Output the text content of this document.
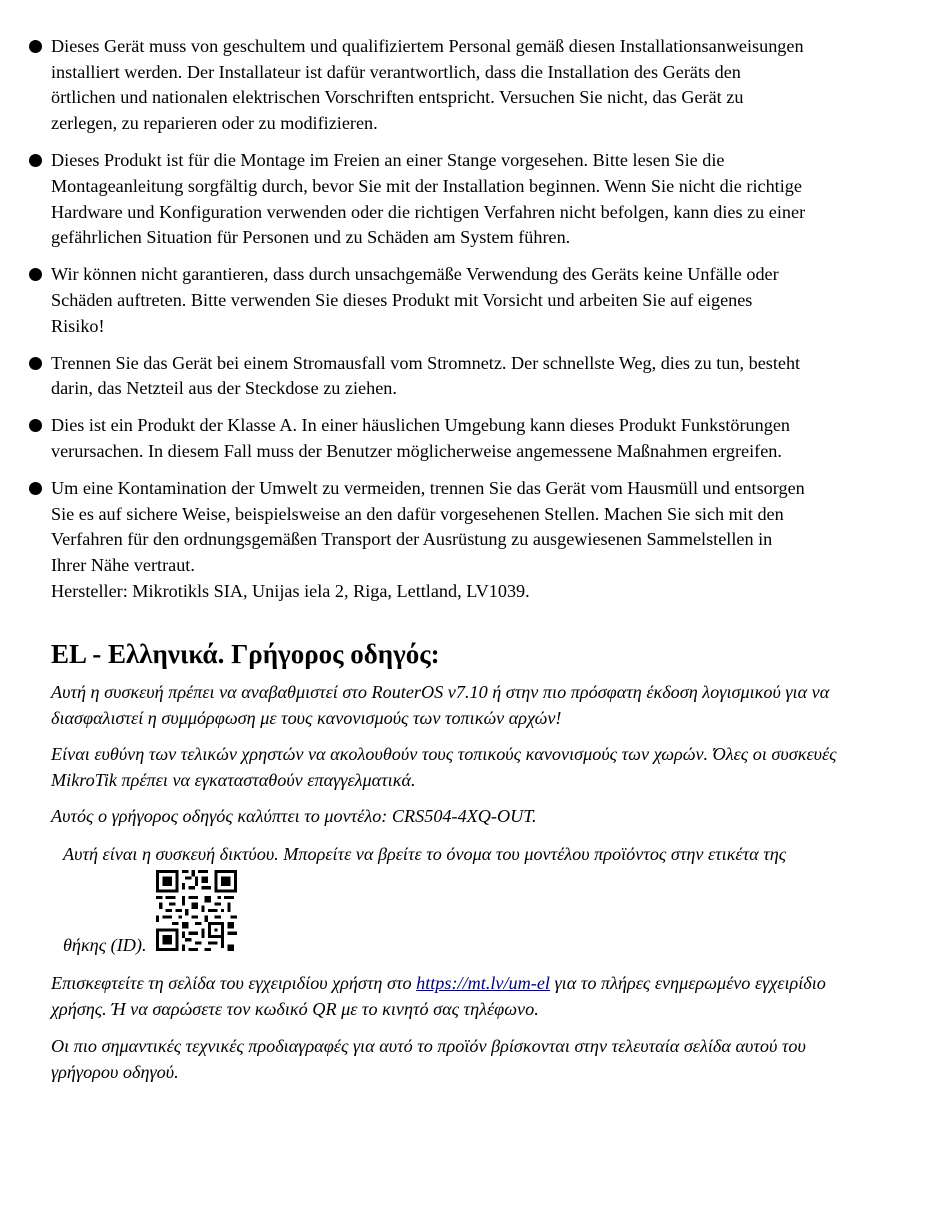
Dieses Gerät muss von geschultem und qualifiziertem Personal gemäß diesen Installationsanweisungen
installiert werden. Der Installateur ist dafür verantwortlich, dass die Installation des Geräts den
örtlichen und nationalen elektrischen Vorschriften entspricht. Versuchen Sie nicht, das Gerät zu
zerlegen, zu reparieren oder zu modifizieren.
Dieses Produkt ist für die Montage im Freien an einer Stange vorgesehen. Bitte lesen Sie die
Montageanleitung sorgfältig durch, bevor Sie mit der Installation beginnen. Wenn Sie nicht die richtige
Hardware und Konfiguration verwenden oder die richtigen Verfahren nicht befolgen, kann dies zu einer
gefährlichen Situation für Personen und zu Schäden am System führen.
Wir können nicht garantieren, dass durch unsachgemäße Verwendung des Geräts keine Unfälle oder
Schäden auftreten. Bitte verwenden Sie dieses Produkt mit Vorsicht und arbeiten Sie auf eigenes
Risiko!
Trennen Sie das Gerät bei einem Stromausfall vom Stromnetz. Der schnellste Weg, dies zu tun, besteht
darin, das Netzteil aus der Steckdose zu ziehen.
Dies ist ein Produkt der Klasse A. In einer häuslichen Umgebung kann dieses Produkt Funkstörungen
verursachen. In diesem Fall muss der Benutzer möglicherweise angemessene Maßnahmen ergreifen.
Um eine Kontamination der Umwelt zu vermeiden, trennen Sie das Gerät vom Hausmüll und entsorgen
Sie es auf sichere Weise, beispielsweise an den dafür vorgesehenen Stellen. Machen Sie sich mit den
Verfahren für den ordnungsgemäßen Transport der Ausrüstung zu ausgewiesenen Sammelstellen in
Ihrer Nähe vertraut.
Hersteller: Mikrotikls SIA, Unijas iela 2, Riga, Lettland, LV1039.
EL - Ελληνικά. Γρήγορος οδηγός:

Αυτή η συσκευή πρέπει να αναβαθμιστεί στο RouterOS v7.10 ή στην πιο πρόσφατη έκδοση λογισμικού για να διασφαλιστεί η συμμόρφωση με τους κανονισμούς των τοπικών αρχών!

Είναι ευθύνη των τελικών χρηστών να ακολουθούν τους τοπικούς κανονισμούς των χωρών. Όλες οι συσκευές MikroTik πρέπει να εγκατασταθούν επαγγελματικά.

Αυτός ο γρήγορος οδηγός καλύπτει το μοντέλο: CRS504-4XQ-OUT.

Αυτή είναι η συσκευή δικτύου. Μπορείτε να βρείτε το όνομα του μοντέλου προϊόντος στην ετικέτα της

θήκης (ID).

Επισκεφτείτε τη σελίδα του εγχειριδίου χρήστη στο https://mt.lv/um-el για το πλήρες ενημερωμένο εγχειρίδιο χρήσης. Ή να σαρώσετε τον κωδικό QR με το κινητό σας τηλέφωνο.

Οι πιο σημαντικές τεχνικές προδιαγραφές για αυτό το προϊόν βρίσκονται στην τελευταία σελίδα αυτού του γρήγορου οδηγού.
